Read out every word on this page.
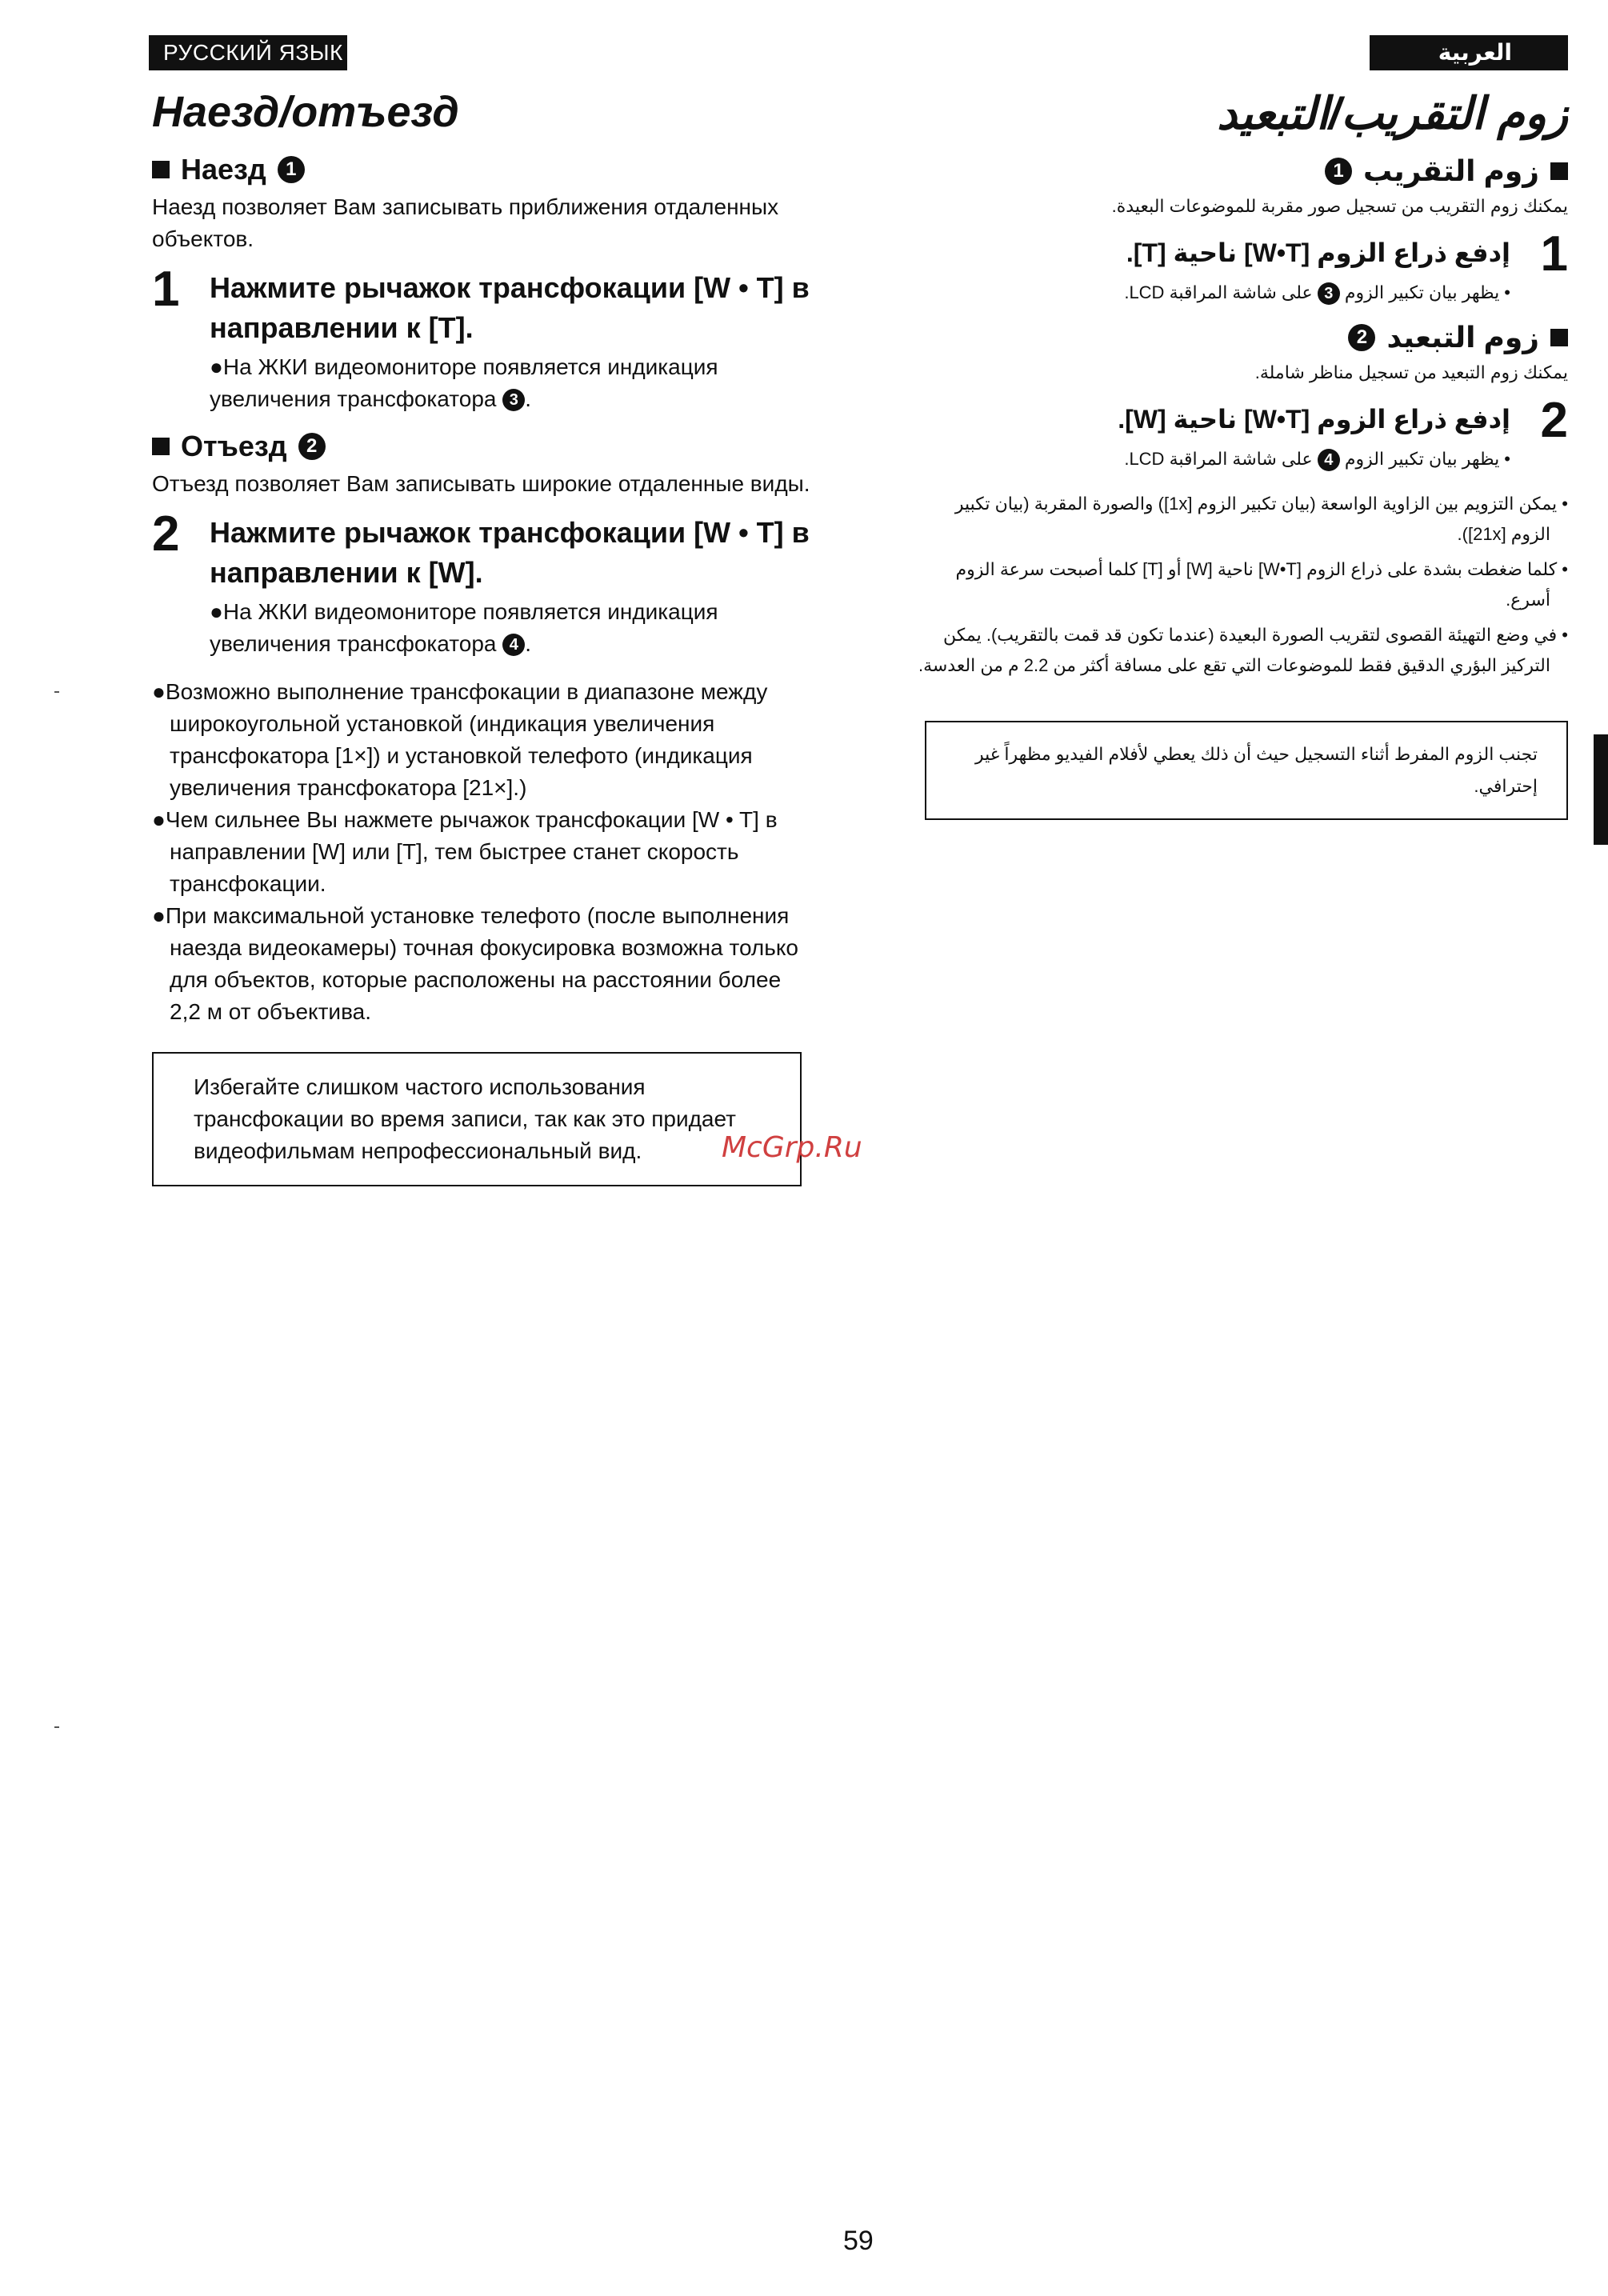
РУССКИЙ ЯЗЫК	العربية
Наезд/отъезд
Наезд	1

Наезд позволяет Вам записывать приближения отдаленных объектов.

1	Нажмите рычажок трансфокации [W • T] в направлении к [T].
●На ЖКИ видеомониторе появляется индикация увеличения трансфокатора 3 .
Отъезд	2

Отъезд позволяет Вам записывать широкие отдаленные виды.

2	Нажмите рычажок трансфокации [W • T] в направлении к [W].
●На ЖКИ видеомониторе появляется индикация увеличения трансфокатора 4 .
●Возможно выполнение трансфокации в диапазоне между широкоугольной установкой (индикация увеличения трансфокатора [1×]) и установкой телефото (индикация увеличения трансфокатора [21×].)
●Чем сильнее Вы нажмете рычажок трансфокации [W • T] в направлении [W] или [T], тем быстрее станет скорость трансфокации.
●При максимальной установке телефото (после выполнения наезда видеокамеры) точная фокусировка возможна только для объектов, которые расположены на расстоянии более 2,2 м от объектива.
Избегайте слишком частого использования трансфокации во время записи, так как это придает видеофильмам непрофессиональный вид.
زوم التقريب/التبعيد
زوم التقريب
1

يمكنك زوم التقريب من تسجيل صور مقربة للموضوعات البعيدة.

1
إدفع ذراع الزوم [W•T] ناحية [T].
• يظهر بيان تكبير الزوم 3 على شاشة المراقبة LCD.
زوم التبعيد
2

يمكنك زوم التبعيد من تسجيل مناظر شاملة.

2
إدفع ذراع الزوم [W•T] ناحية [W].
• يظهر بيان تكبير الزوم 4 على شاشة المراقبة LCD.
• يمكن التزويم بين الزاوية الواسعة (بيان تكبير الزوم [1x]) والصورة المقربة (بيان تكبير الزوم [21x]).
• كلما ضغطت بشدة على ذراع الزوم [W•T] ناحية [W] أو [T] كلما أصبحت سرعة الزوم أسرع.
• في وضع التهيئة القصوى لتقريب الصورة البعيدة (عندما تكون قد قمت بالتقريب). يمكن التركيز البؤري الدقيق فقط للموضوعات التي تقع على مسافة أكثر من 2.2 م من العدسة.
تجنب الزوم المفرط أثناء التسجيل حيث أن ذلك يعطي لأفلام الفيديو مظهراً غير إحترافي.
McGrp.Ru
59
